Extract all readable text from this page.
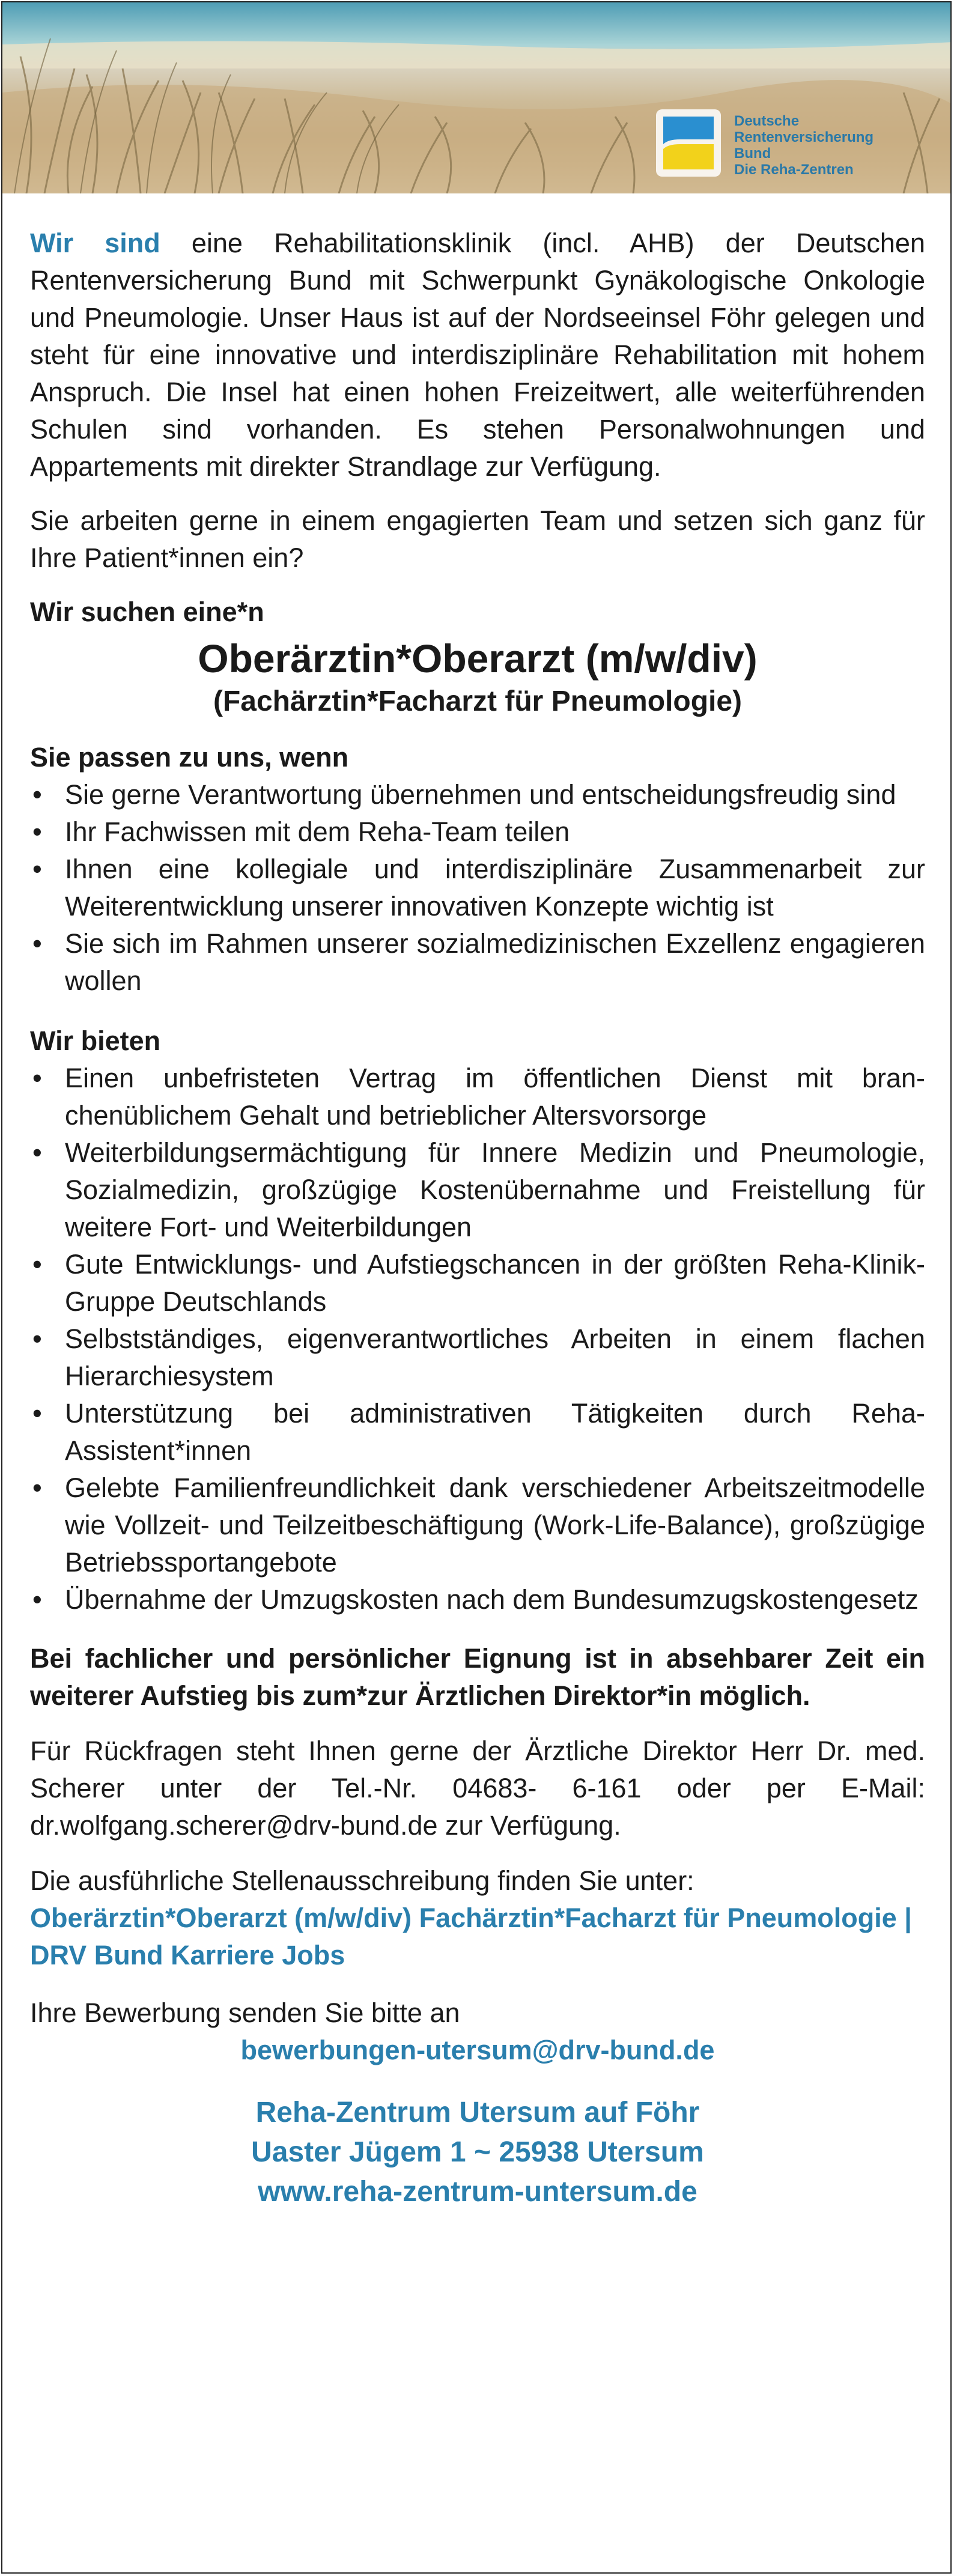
Deutsche
Rentenversicherung
Bund
Die Reha-Zentren

Wir sind eine Rehabilitationsklinik (incl. AHB) der Deutschen Rentenversicherung Bund mit Schwerpunkt Gynäkologische Onkologie und Pneumologie. Unser Haus ist auf der Nordseeinsel Föhr gelegen und steht für eine innovative und interdisziplinäre Rehabilitation mit hohem Anspruch. Die Insel hat einen hohen Freizeitwert, alle weiterführenden Schulen sind vorhanden. Es stehen Personalwohnungen und Appartements mit direkter Strandlage zur Verfügung.

Sie arbeiten gerne in einem engagierten Team und setzen sich ganz für Ihre Patient*innen ein?

Wir suchen eine*n

Oberärztin*Oberarzt (m/w/div)
(Fachärztin*Facharzt für Pneumologie)

Sie passen zu uns, wenn

• Sie gerne Verantwortung übernehmen und entscheidungsfreudig sind
• Ihr Fachwissen mit dem Reha-Team teilen
• Ihnen eine kollegiale und interdisziplinäre Zusammenarbeit zur Weiterentwicklung unserer innovativen Konzepte wichtig ist
• Sie sich im Rahmen unserer sozialmedizinischen Exzellenz engagieren wollen

Wir bieten

• Einen unbefristeten Vertrag im öffentlichen Dienst mit branchenüblichem Gehalt und betrieblicher Altersvorsorge
• Weiterbildungsermächtigung für Innere Medizin und Pneumologie, Sozialmedizin, großzügige Kostenübernahme und Freistellung für weitere Fort- und Weiterbildungen
• Gute Entwicklungs- und Aufstiegschancen in der größten Reha-Klinik-Gruppe Deutschlands
• Selbstständiges, eigenverantwortliches Arbeiten in einem flachen Hierarchiesystem
• Unterstützung bei administrativen Tätigkeiten durch Reha-Assistent*innen
• Gelebte Familienfreundlichkeit dank verschiedener Arbeitszeitmodelle wie Vollzeit- und Teilzeitbeschäftigung (Work-Life-Balance), großzügige Betriebssportangebote
• Übernahme der Umzugskosten nach dem Bundesumzugskostengesetz

Bei fachlicher und persönlicher Eignung ist in absehbarer Zeit ein weiterer Aufstieg bis zum*zur Ärztlichen Direktor*in möglich.

Für Rückfragen steht Ihnen gerne der Ärztliche Direktor Herr Dr. med. Scherer unter der Tel.-Nr. 04683- 6-161 oder per E-Mail: dr.wolfgang.scherer@drv-bund.de zur Verfügung.

Die ausführliche Stellenausschreibung finden Sie unter:

Oberärztin*Oberarzt (m/w/div) Fachärztin*Facharzt für Pneumologie | DRV Bund Karriere Jobs

Ihre Bewerbung senden Sie bitte an

bewerbungen-utersum@drv-bund.de

Reha-Zentrum Utersum auf Föhr
Uaster Jügem 1 ~ 25938 Utersum
www.reha-zentrum-untersum.de
